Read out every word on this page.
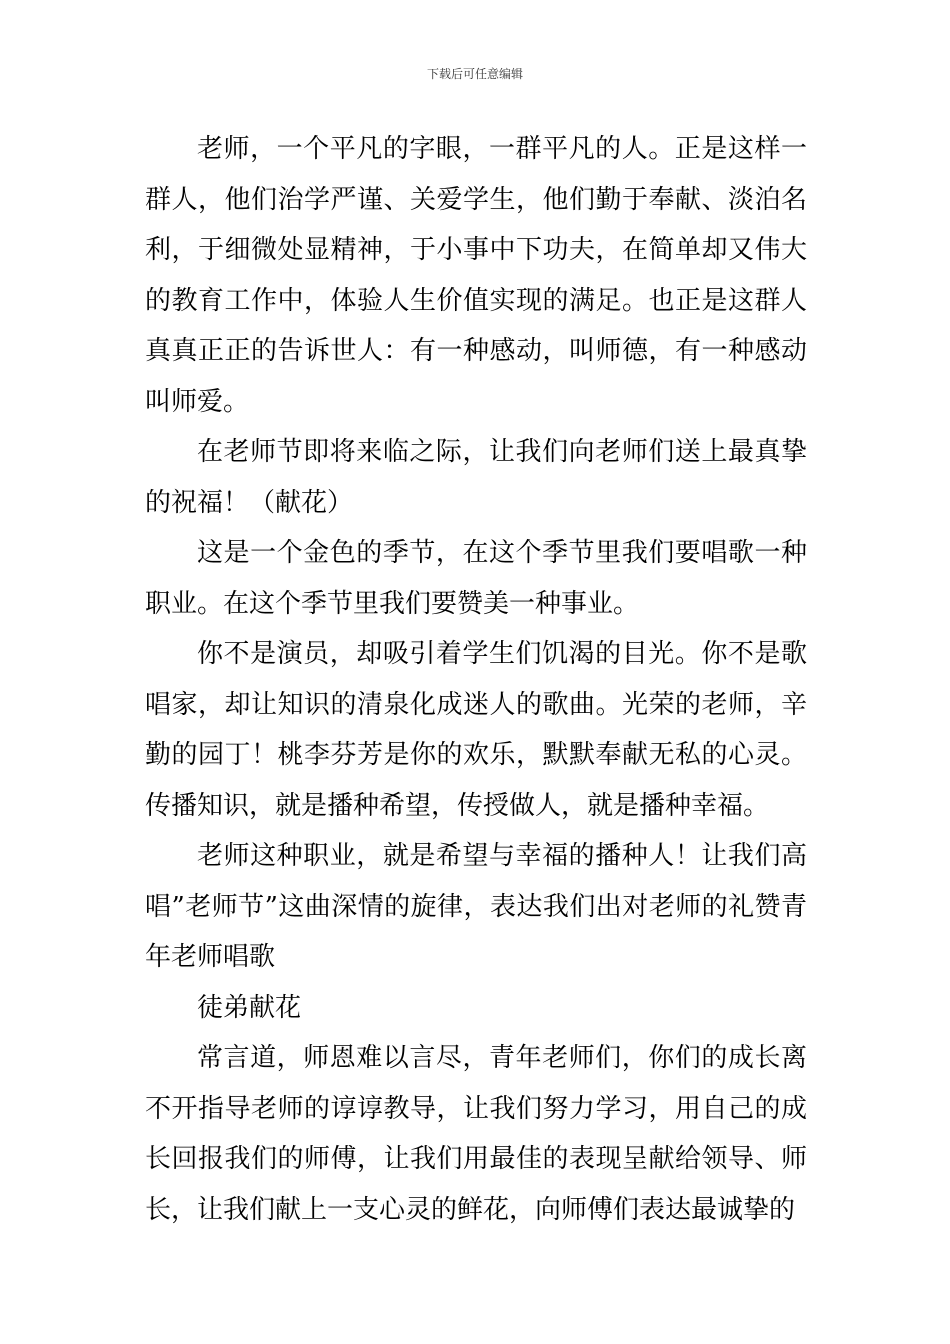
下载后可任意编辑

老师，一个平凡的字眼，一群平凡的人。正是这样一群人，他们治学严谨、关爱学生，他们勤于奉献、淡泊名利，于细微处显精神，于小事中下功夫，在简单却又伟大的教育工作中，体验人生价值实现的满足。也正是这群人真真正正的告诉世人：有一种感动，叫师德，有一种感动叫师爱。

在老师节即将来临之际，让我们向老师们送上最真挚的祝福！（献花）

这是一个金色的季节，在这个季节里我们要唱歌一种职业。在这个季节里我们要赞美一种事业。

你不是演员，却吸引着学生们饥渴的目光。你不是歌唱家，却让知识的清泉化成迷人的歌曲。光荣的老师，辛勤的园丁！桃李芬芳是你的欢乐，默默奉献无私的心灵。传播知识，就是播种希望，传授做人，就是播种幸福。

老师这种职业，就是希望与幸福的播种人！让我们高唱”老师节”这曲深情的旋律，表达我们出对老师的礼赞青年老师唱歌

徒弟献花

常言道，师恩难以言尽，青年老师们，你们的成长离不开指导老师的谆谆教导，让我们努力学习，用自己的成长回报我们的师傅，让我们用最佳的表现呈献给领导、师长，让我们献上一支心灵的鲜花，向师傅们表达最诚挚的
